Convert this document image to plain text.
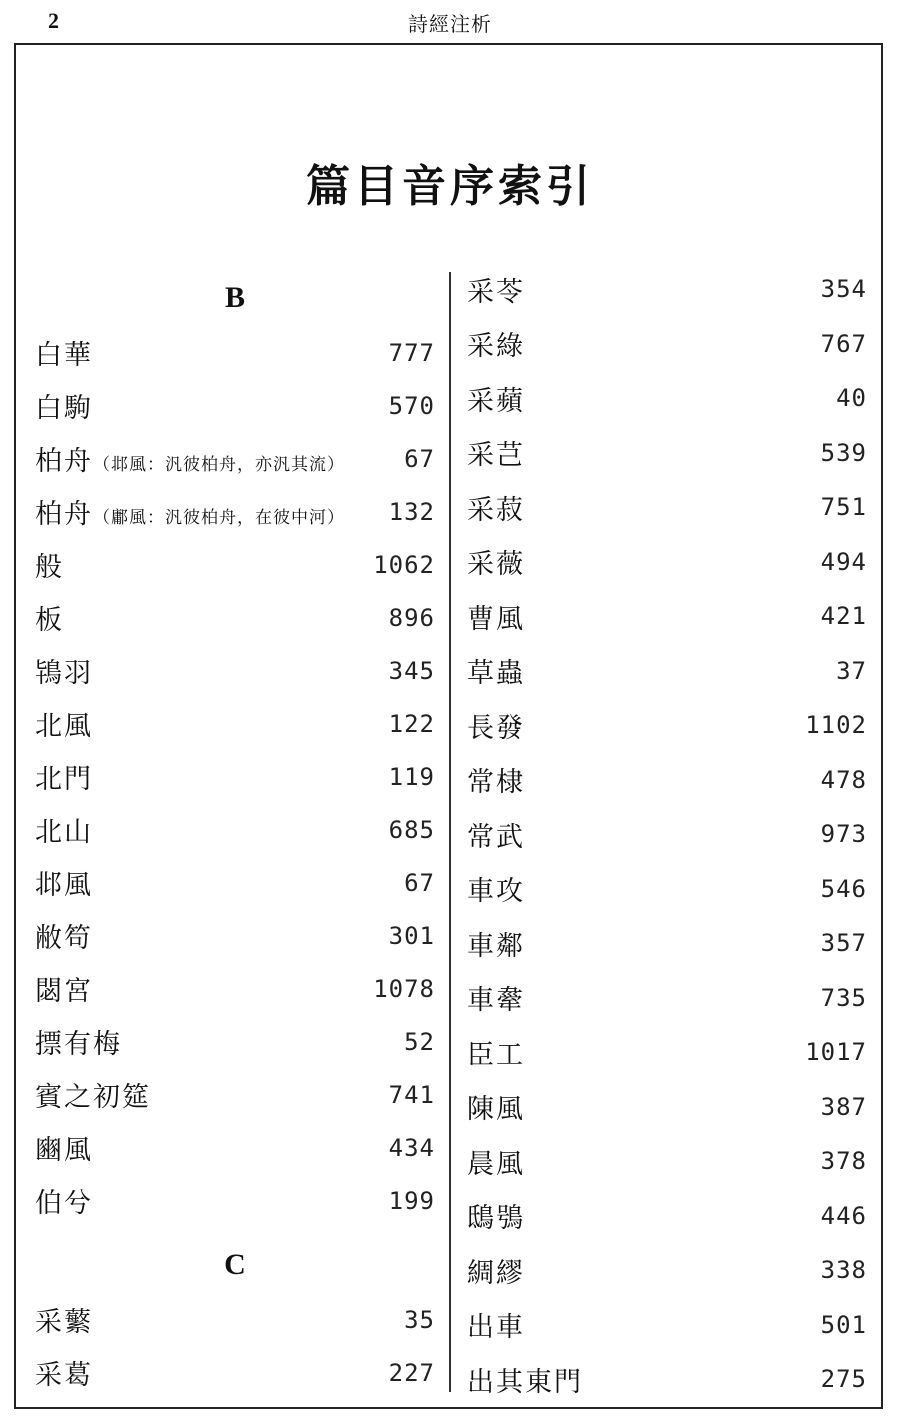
2	詩經注析
篇目音序索引
B
白華	777
白駒	570
柏舟（邶風：汎彼柏舟，亦汎其流） 67
柏舟（鄘風：汎彼柏舟，在彼中河） 132
般	1062
板	896
鴇羽	345
北風	122
北門	119
北山	685
邶風	67
敝笱	301
閟宮	1078
摽有梅	52
賓之初筵	741
豳風	434
伯兮	199
C
采蘩	35
采葛	227
采苓	354
采綠	767
采蘋	40
采芑	539
采菽	751
采薇	494
曹風	421
草蟲	37
長發	1102
常棣	478
常武	973
車攻	546
車鄰	357
車舝	735
臣工	1017
陳風	387
晨風	378
鴟鴞	446
綢繆	338
出車	501
出其東門	275
